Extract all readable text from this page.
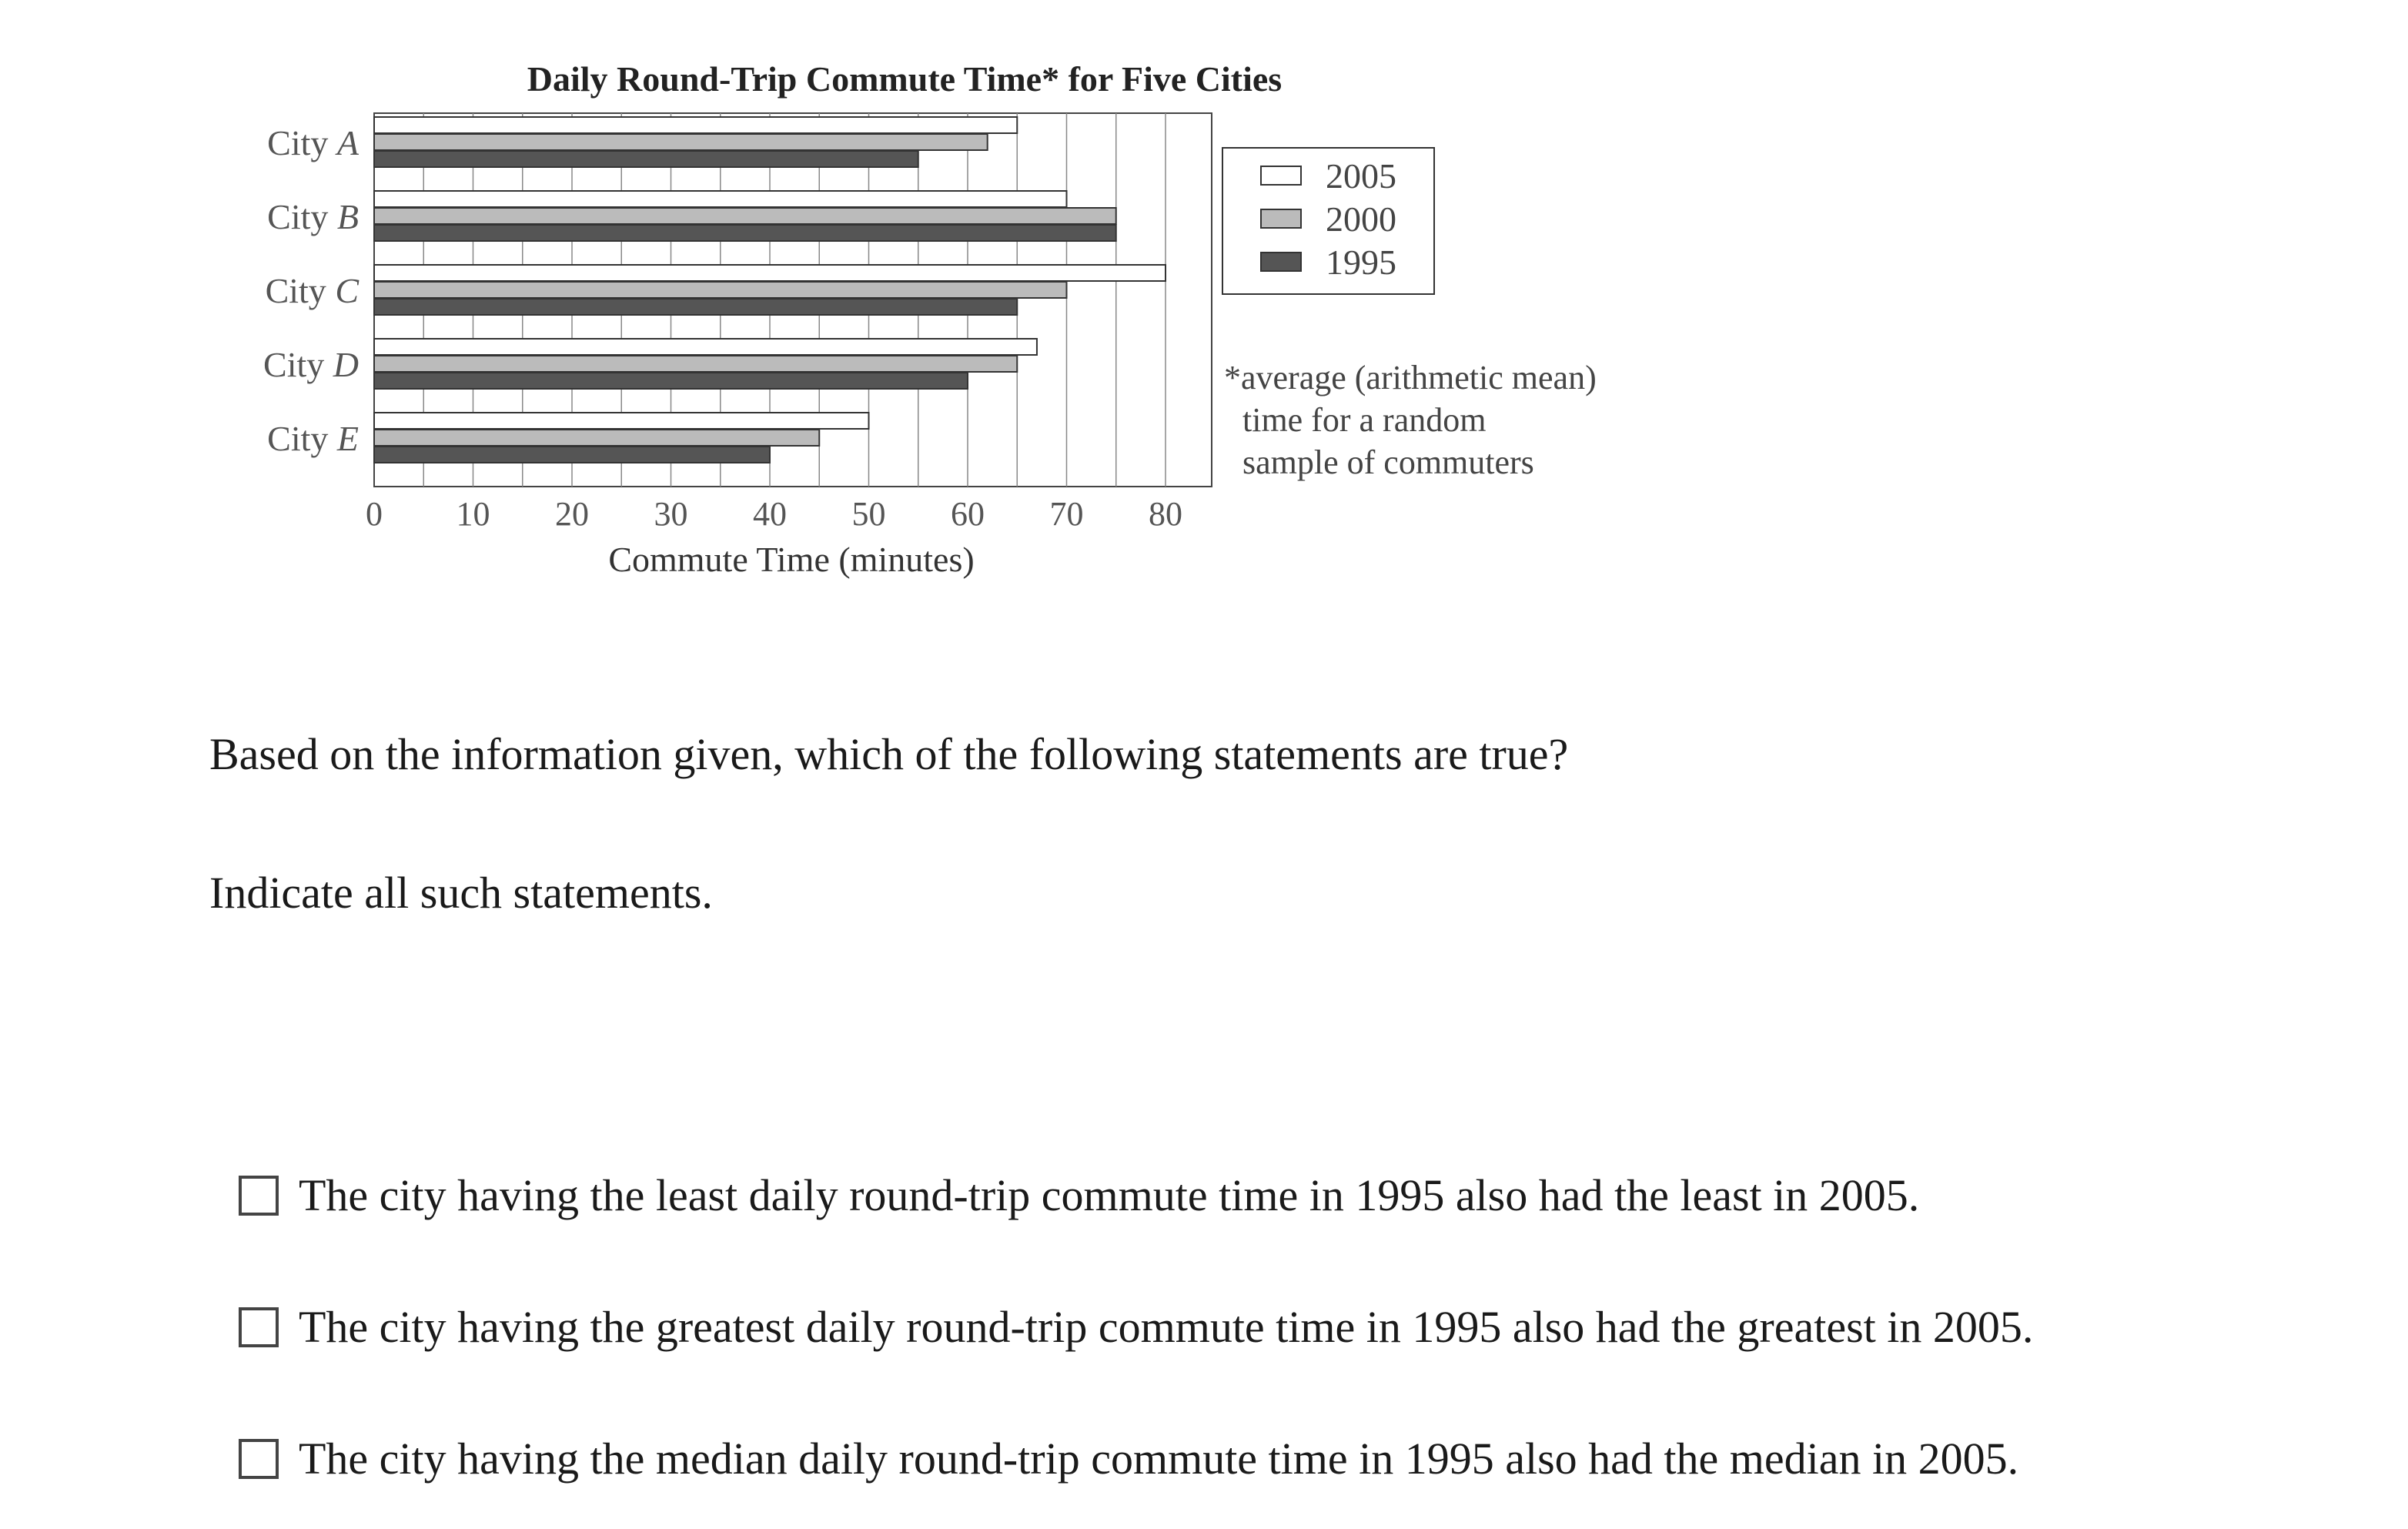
City A
City B
City C
City D
City E
0 10 20 30 40 50 60 70 80
Commute Time (minutes)
Daily Round-Trip Commute Time* for Five Cities
2005
2000
1995
*average (arithmetic mean)
time for a random
sample of commuters
Based on the information given, which of the following statements are true?
Indicate all such statements.
The city having the least daily round-trip commute time in 1995 also had the least in 2005.
The city having the greatest daily round-trip commute time in 1995 also had the greatest in 2005.
The city having the median daily round-trip commute time in 1995 also had the median in 2005.
